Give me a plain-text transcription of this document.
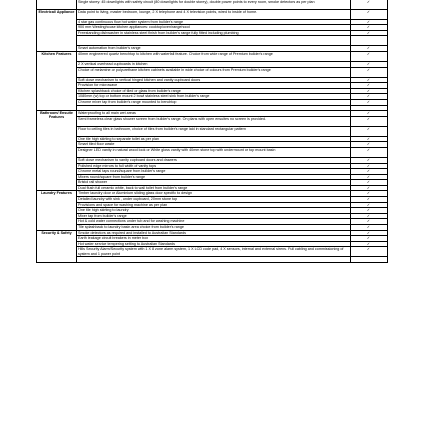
	Single storey: 45 downlights with safety circuit (80 downlights for double storey), double power points to every room, smoke detectors as per plan	✓
Electrical/ Appliance	Data point to living, master bedroom, lounge, 2 X telephone and 4 X television points, wired to inside of home.	✓
	4 star gas continuous flow hot water system from builder's range	✓
	900 mm Westinghouse kitchen appliances: cooktop/oven/rangehood	✓
	Freestanding dishwasher in stainless steel finish from builder's range fully fitted including plumbing	✓

	Smart automation from builder's range	✓
Kitchen Features	40mm engineered quartz benchtop to kitchen with waterfall feature. Choice from wide range of Premium builder's range	✓
	2 X vertical overhead cupboards in kitchen	✓
	Choice of melamine or polyurethane kitchen cabinets available in wide choice of colours from Premium builder's range	✓
	Soft close mechanism to vertical hinged kitchen and vanity cupboard doors	✓
	Provision for microwave	✓
	Kitchen splashback choice of tiled or glass from builder's range	✓
	1080mm (w) top or bottom mount 2 bowl stainless steel sink from builder's range	✓
	Chrome mixer tap from builder's range mounted to benchtop	✓

Bathroom/ Ensuite Features	Waterproofing to all main wet areas	✓
	Semi frameless clear glass shower screen from builder's range. On plans with open ensuites no screen is provided.	✓
	Floor to ceiling tiles in bathroom, choice of tiles from builder's range laid in standard rectangular pattern	✓
	One tile high skirting to separate toilet as per plan	✓
	Smart tiled floor waste	✓
	Designer LED vanity in natural wood look or White gloss vanity with 40mm stone top with undermount or top mount basin	✓
	Soft close mechanism to vanity cupboard doors and drawers	✓
	Polished edge mirrors to full width of vanity tops	✓
	Chrome metal taps round/square from builder's range	✓
	Mixers round/square from builder's range	✓
	Bristol rail shower	✓
	Dual flush full ceramic white, back to wall toilet from builder's range	✓
Laundry Features	Timber laundry door or Aluminium sliding glass door specific to design	✓
	Detailed laundry with sink , under cupboard, 20mm stone top	✓
	Provisions and space for washing machine as per plan	✓
	One tile high skirting to laundry	✓
	Mixer tap from builder's range	✓
	Hot & cold water connections under tub and for washing machine	✓
	Tile splashback to laundry basin area choice from builder's range	✓
Security & Safety	Smoke detectors as required and installed to Australian Standards	✓
	Earth leakage circuit breakers in meter box	✓
	Hot water service tempering setting to Australian Standards	✓
	Hills Security Alarm/Security system with 1 X 8 zone alarm system, 1 X LCD code pad, 4 X sensors, internal and external sirens. Full cabling and commissioning of system and 1 power point	✓
